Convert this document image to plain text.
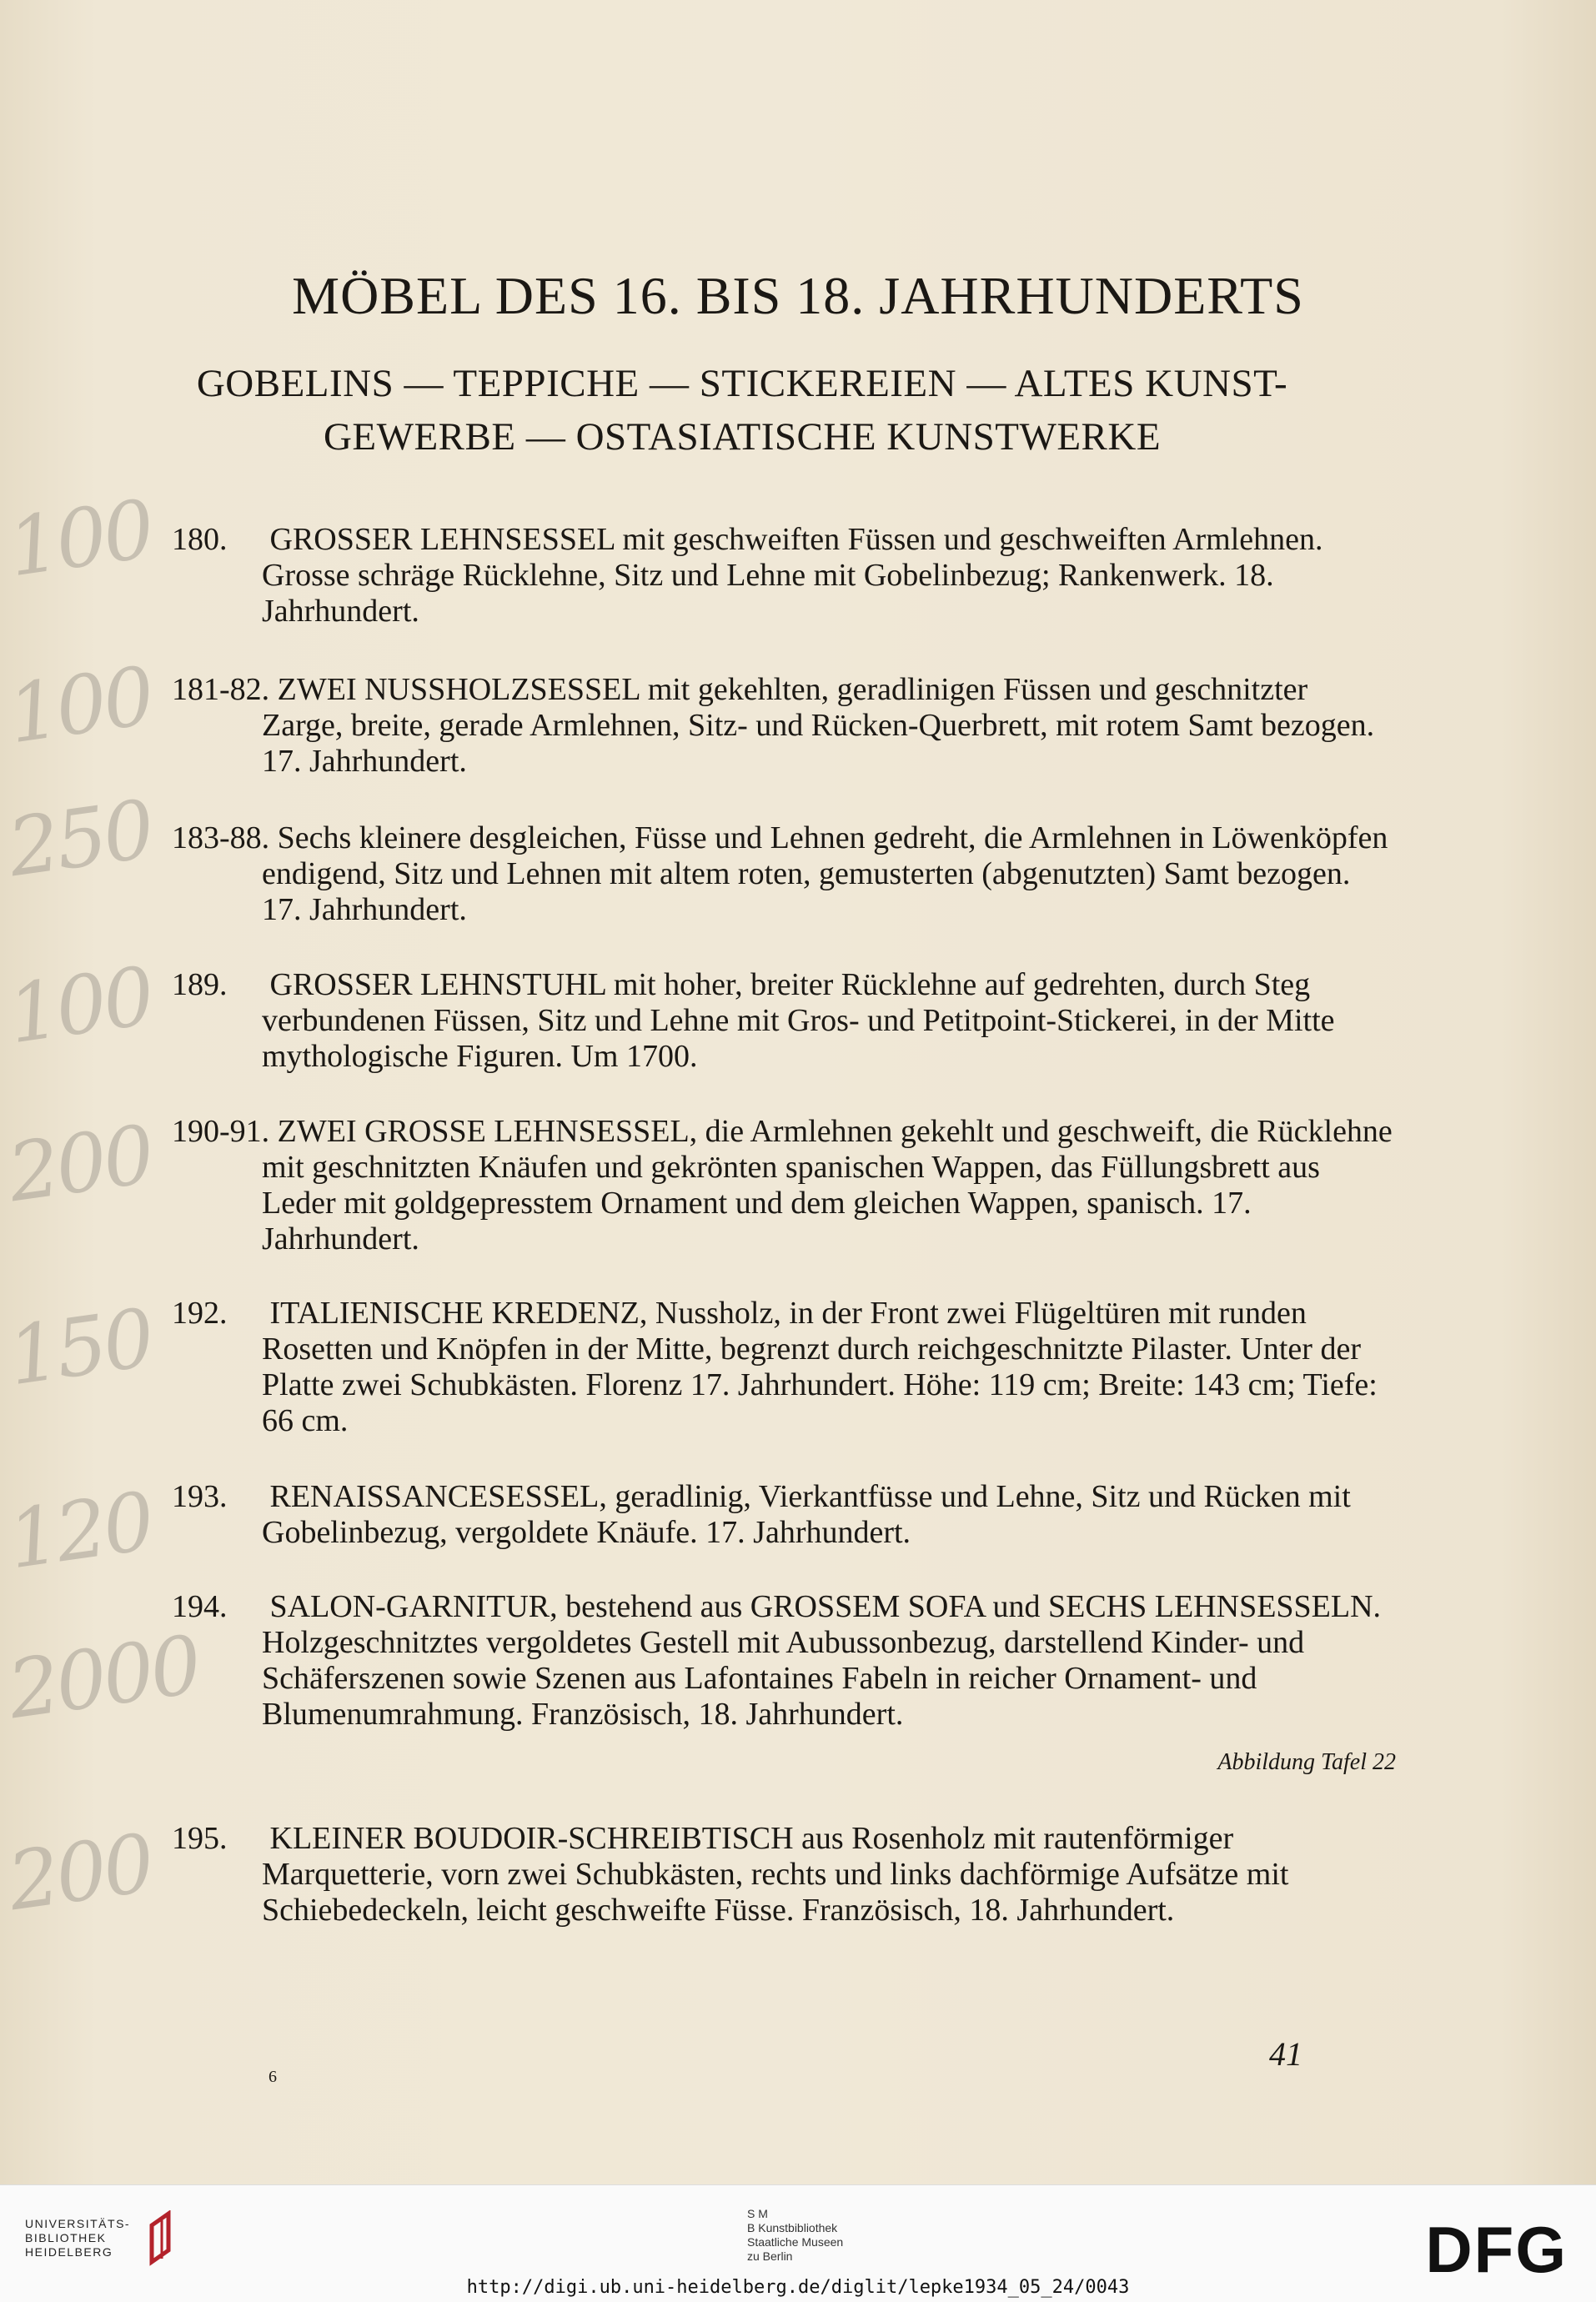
MÖBEL DES 16. BIS 18. JAHRHUNDERTS
GOBELINS — TEPPICHE — STICKEREIEN — ALTES KUNST-
GEWERBE — OSTASIATISCHE KUNSTWERKE
100
100
250
100
200
150
120
2000
200
180. GROSSER LEHNSESSEL mit geschweiften Füssen und geschweiften Armlehnen. Grosse schräge Rücklehne, Sitz und Lehne mit Gobelinbezug; Rankenwerk. 18. Jahrhundert.
181-82. ZWEI NUSSHOLZSESSEL mit gekehlten, geradlinigen Füssen und geschnitzter Zarge, breite, gerade Armlehnen, Sitz- und Rücken-Querbrett, mit rotem Samt bezogen. 17. Jahrhundert.
183-88. Sechs kleinere desgleichen, Füsse und Lehnen gedreht, die Armlehnen in Löwenköpfen endigend, Sitz und Lehnen mit altem roten, gemusterten (abgenutzten) Samt bezogen. 17. Jahrhundert.
189. GROSSER LEHNSTUHL mit hoher, breiter Rücklehne auf gedrehten, durch Steg verbundenen Füssen, Sitz und Lehne mit Gros- und Petitpoint-Stickerei, in der Mitte mythologische Figuren. Um 1700.
190-91. ZWEI GROSSE LEHNSESSEL, die Armlehnen gekehlt und geschweift, die Rücklehne mit geschnitzten Knäufen und gekrönten spanischen Wappen, das Füllungsbrett aus Leder mit goldgepresstem Ornament und dem gleichen Wappen, spanisch. 17. Jahrhundert.
192. ITALIENISCHE KREDENZ, Nussholz, in der Front zwei Flügeltüren mit runden Rosetten und Knöpfen in der Mitte, begrenzt durch reichgeschnitzte Pilaster. Unter der Platte zwei Schubkästen. Florenz 17. Jahrhundert. Höhe: 119 cm; Breite: 143 cm; Tiefe: 66 cm.
193. RENAISSANCESESSEL, geradlinig, Vierkantfüsse und Lehne, Sitz und Rücken mit Gobelinbezug, vergoldete Knäufe. 17. Jahrhundert.
194. SALON-GARNITUR, bestehend aus GROSSEM SOFA und SECHS LEHNSESSELN. Holzgeschnitztes vergoldetes Gestell mit Aubussonbezug, darstellend Kinder- und Schäferszenen sowie Szenen aus Lafontaines Fabeln in reicher Ornament- und Blumenumrahmung. Französisch, 18. Jahrhundert.
Abbildung Tafel 22
195. KLEINER BOUDOIR-SCHREIBTISCH aus Rosenholz mit rautenförmiger Marquetterie, vorn zwei Schubkästen, rechts und links dachförmige Aufsätze mit Schiebedeckeln, leicht geschweifte Füsse. Französisch, 18. Jahrhundert.
41
6
UNIVERSITÄTS-
BIBLIOTHEK
HEIDELBERG
S M
B Kunstbibliothek
Staatliche Museen
zu Berlin	DFG
http://digi.ub.uni-heidelberg.de/diglit/lepke1934_05_24/0043
